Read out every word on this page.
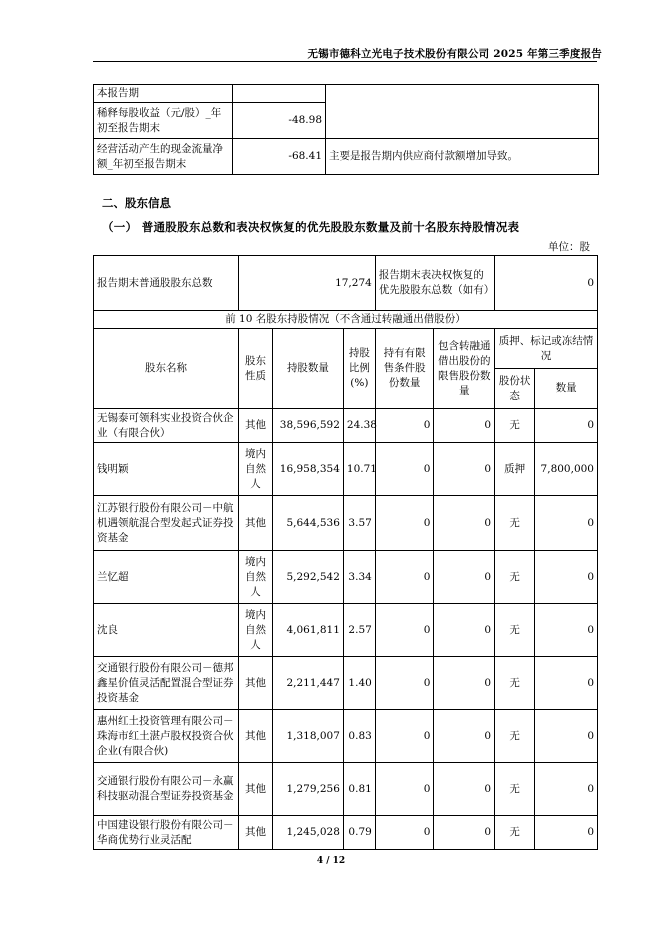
无锡市德科立光电子技术股份有限公司 2025 年第三季度报告
本报告期		
稀释每股收益（元/股）_年初至报告期末	-48.98	
经营活动产生的现金流量净额_年初至报告期末	-68.41	主要是报告期内供应商付款额增加导致。
二、股东信息
（一） 普通股股东总数和表决权恢复的优先股股东数量及前十名股东持股情况表
单位：股
报告期末普通股股东总数	17,274			报告期末表决权恢复的优先股股东总数（如有）		0	
前 10 名股东持股情况（不含通过转融通出借股份）							
股东名称	股东性质	持股数量	持股比例(%)	持有有限售条件股份数量	包含转融通借出股份的限售股份数量	质押、标记或冻结情况	
						股份状态	数量
无锡泰可领科实业投资合伙企业（有限合伙）	其他	38,596,592	24.38	0	0	无	0
钱明颖	境内自然人	16,958,354	10.71	0	0	质押	7,800,000
江苏银行股份有限公司－中航机遇领航混合型发起式证券投资基金	其他	5,644,536	3.57	0	0	无	0
兰忆超	境内自然人	5,292,542	3.34	0	0	无	0
沈良	境内自然人	4,061,811	2.57	0	0	无	0
交通银行股份有限公司－德邦鑫星价值灵活配置混合型证券投资基金	其他	2,211,447	1.40	0	0	无	0
惠州红土投资管理有限公司－珠海市红土湛卢股权投资合伙企业(有限合伙)	其他	1,318,007	0.83	0	0	无	0
交通银行股份有限公司－永赢科技驱动混合型证券投资基金	其他	1,279,256	0.81	0	0	无	0
中国建设银行股份有限公司－华商优势行业灵活配	其他	1,245,028	0.79	0	0	无	0
4 / 12
